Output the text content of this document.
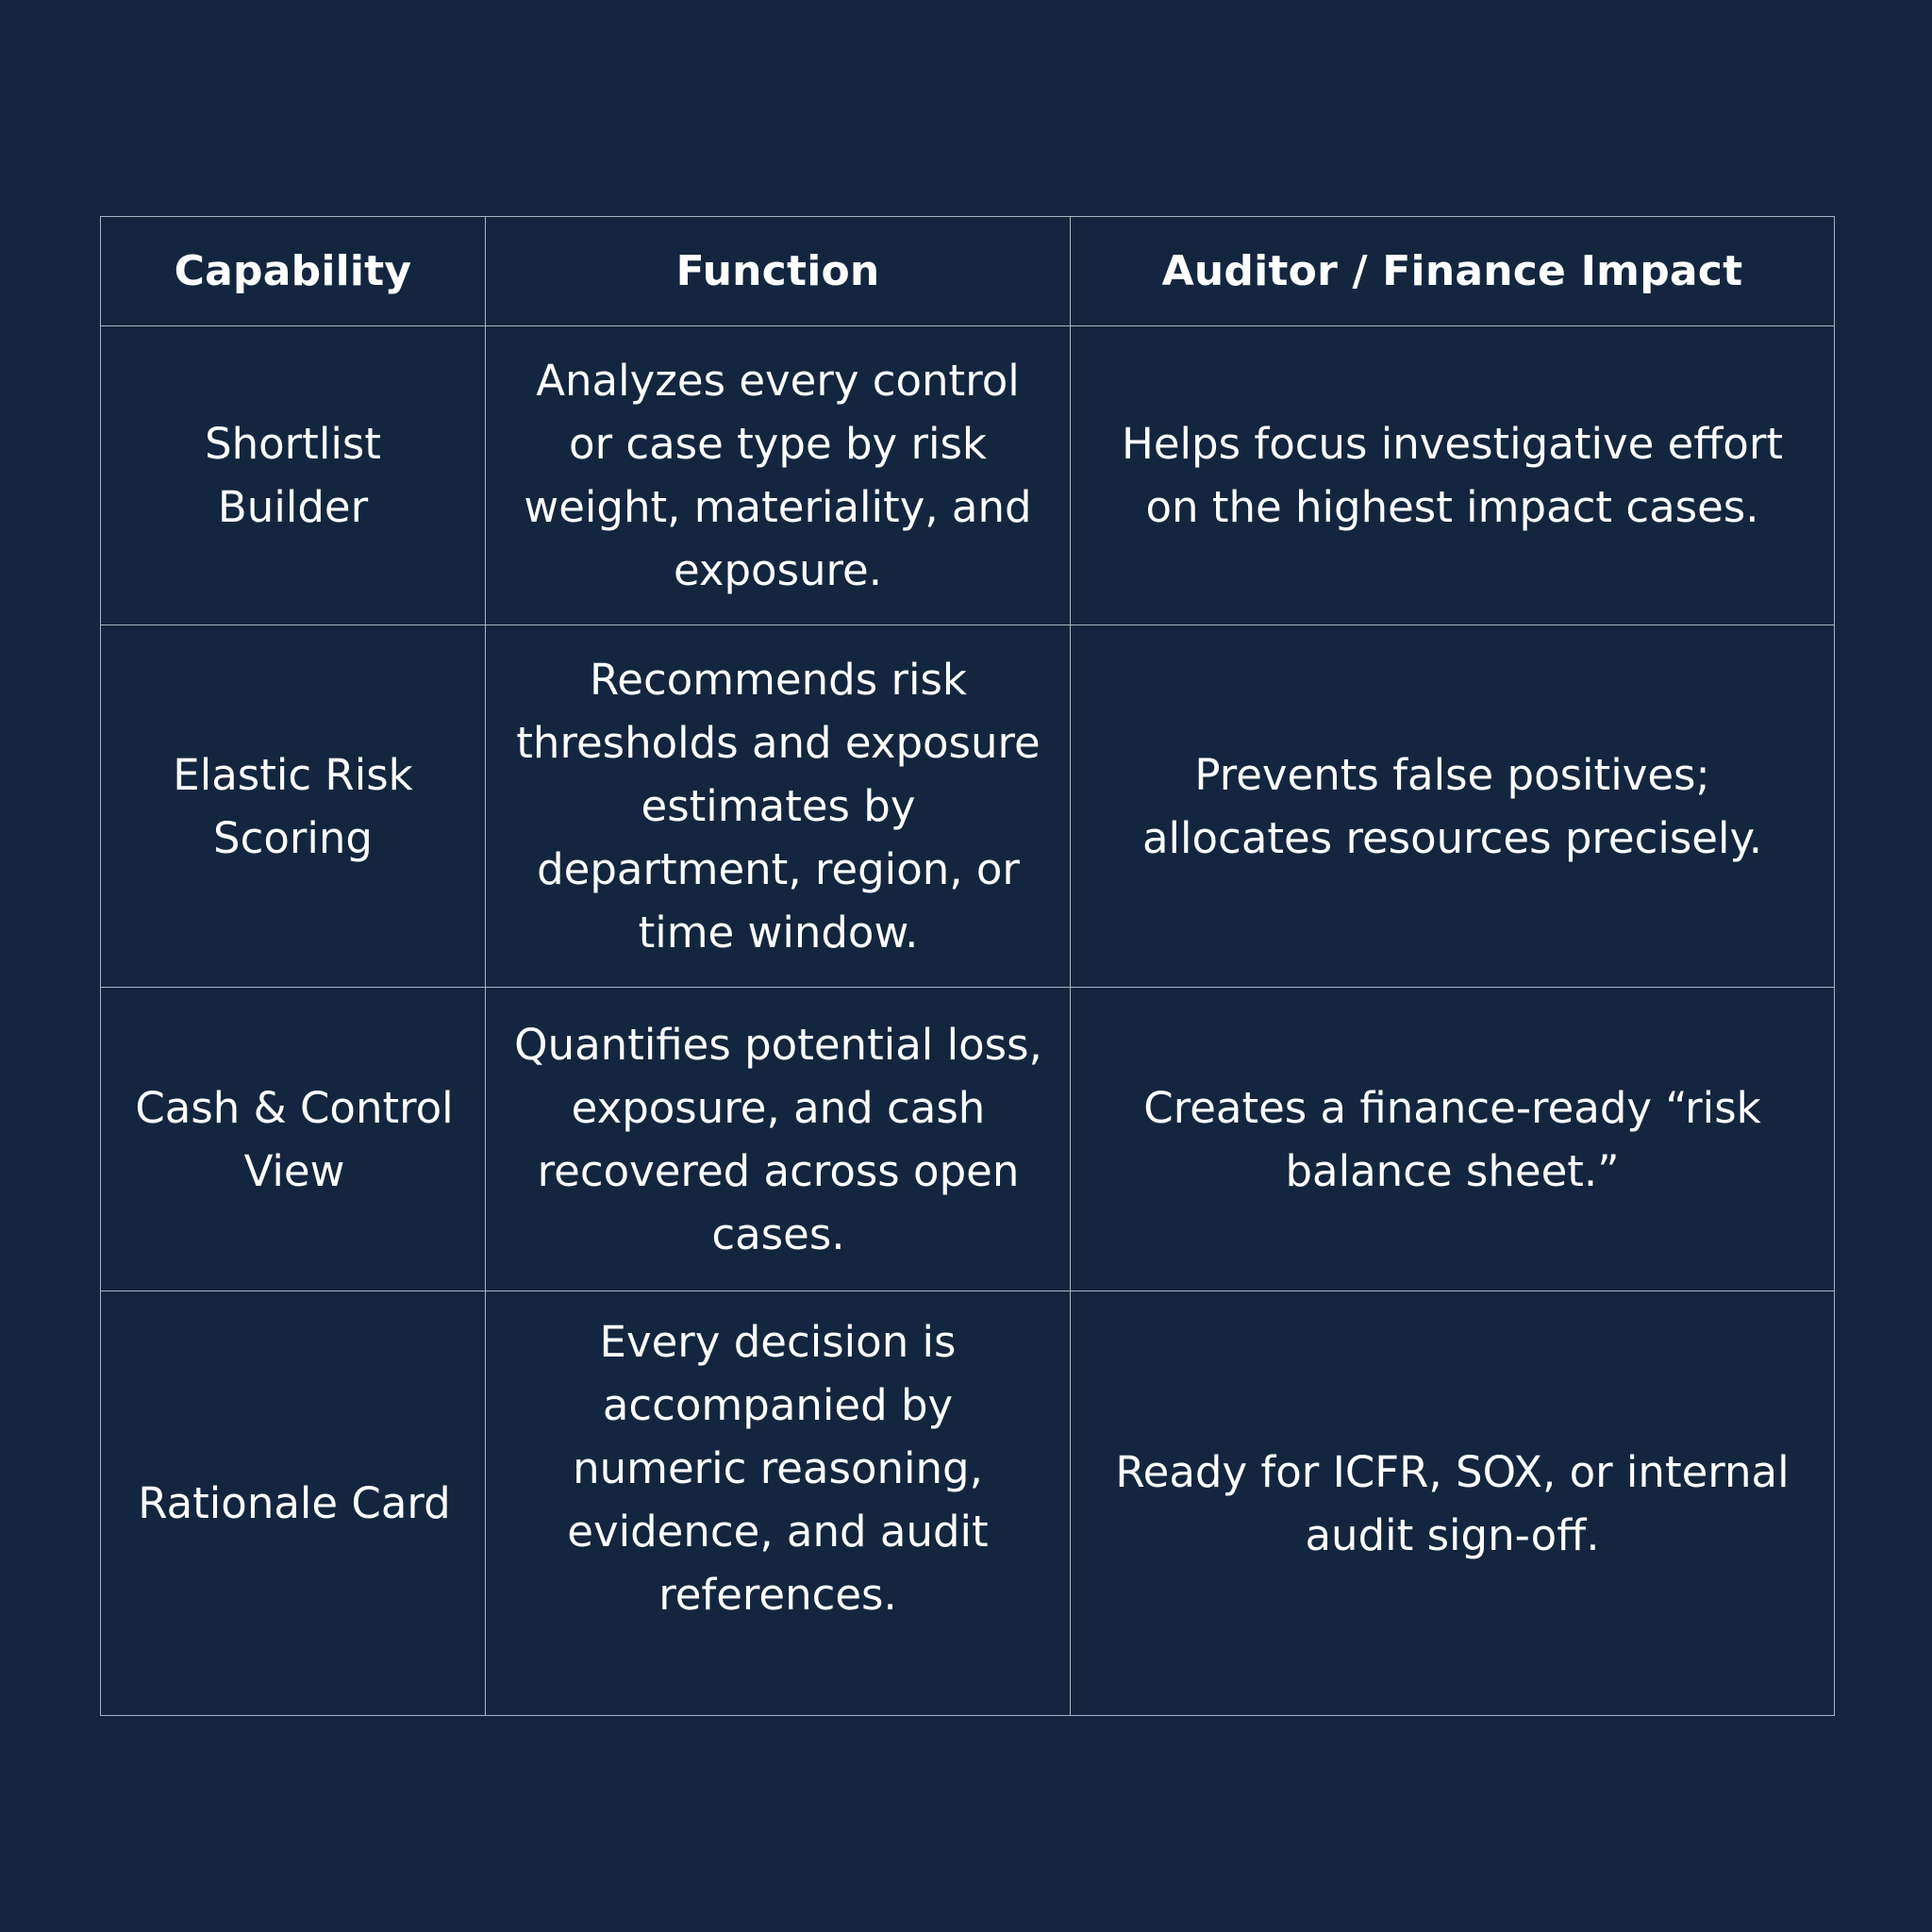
Capability	Function	Auditor / Finance Impact
Shortlist Builder	Analyzes every control or case type by risk weight, materiality, and exposure.	Helps focus investigative effort on the highest impact cases.
Elastic Risk Scoring	Recommends risk thresholds and exposure estimates by department, region, or time window.	Prevents false positives; allocates resources precisely.
Cash & Control View	Quantifies potential loss, exposure, and cash recovered across open cases.	Creates a finance-ready “risk balance sheet.”
Rationale Card	Every decision is accompanied by numeric reasoning, evidence, and audit references.	Ready for ICFR, SOX, or internal audit sign-off.
